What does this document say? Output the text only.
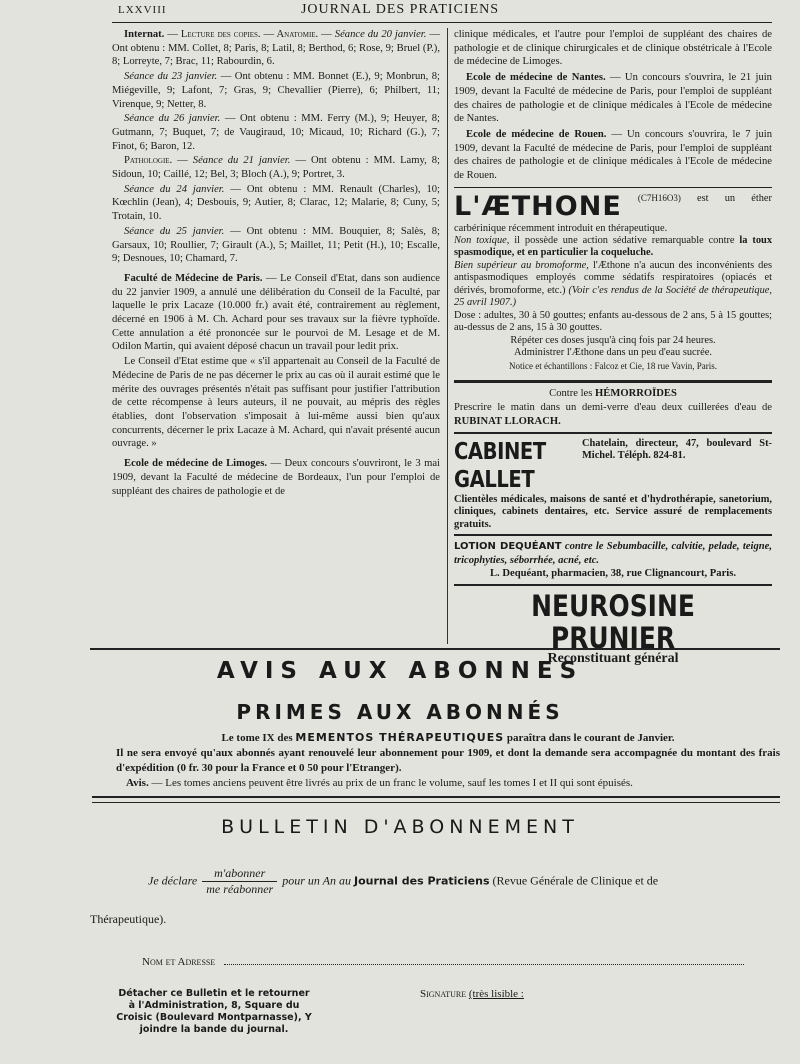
LXXVIII	JOURNAL DES PRATICIENS

Internat. — Lecture des copies. — Anatomie. — Séance du 20 janvier. — Ont obtenu : MM. Collet, 8; Paris, 8; Latil, 8; Berthod, 6; Rose, 9; Bruel (P.), 8; Lorreyte, 7; Brac, 11; Rabourdin, 6.

Séance du 23 janvier. — Ont obtenu : MM. Bonnet (E.), 9; Monbrun, 8; Miégeville, 9; Lafont, 7; Gras, 9; Chevallier (Pierre), 6; Philbert, 11; Virenque, 9; Netter, 8.

Séance du 26 janvier. — Ont obtenu : MM. Ferry (M.), 9; Heuyer, 8; Gutmann, 7; Buquet, 7; de Vaugiraud, 10; Micaud, 10; Richard (G.), 7; Finot, 6; Baron, 12.

Pathologie. — Séance du 21 janvier. — Ont obtenu : MM. Lamy, 8; Sidoun, 10; Caillé, 12; Bel, 3; Bloch (A.), 9; Portret, 3.

Séance du 24 janvier. — Ont obtenu : MM. Renault (Charles), 10; Kœchlin (Jean), 4; Desbouis, 9; Autier, 8; Clarac, 12; Malarie, 8; Cuny, 5; Trotain, 10.

Séance du 25 janvier. — Ont obtenu : MM. Bouquier, 8; Salès, 8; Garsaux, 10; Roullier, 7; Girault (A.), 5; Maillet, 11; Petit (H.), 10; Escalle, 9; Desnoues, 10; Chamard, 7.

Faculté de Médecine de Paris. — Le Conseil d'Etat, dans son audience du 22 janvier 1909, a annulé une délibération du Conseil de la Faculté, par laquelle le prix Lacaze (10.000 fr.) avait été, contrairement au règlement, décerné en 1906 à M. Ch. Achard pour ses travaux sur la fièvre typhoïde. Cette annulation a été prononcée sur le pourvoi de M. Lesage et de M. Odilon Martin, qui avaient déposé chacun un travail pour ledit prix.

Le Conseil d'Etat estime que « s'il appartenait au Conseil de la Faculté de Médecine de Paris de ne pas décerner le prix au cas où il aurait estimé que le mérite des ouvrages présentés n'était pas suffisant pour justifier l'attribution de cette récompense à leurs auteurs, il ne pouvait, au mépris des règles établies, dont l'observation s'imposait à lui-même aussi bien qu'aux concurrents, décerner le prix Lacaze à M. Achard, qui n'avait présenté aucun ouvrage. »

Ecole de médecine de Limoges. — Deux concours s'ouvriront, le 3 mai 1909, devant la Faculté de médecine de Bordeaux, l'un pour l'emploi de suppléant des chaires de pathologie et de

clinique médicales, et l'autre pour l'emploi de suppléant des chaires de pathologie et de clinique chirurgicales et de clinique obstétricale à l'Ecole de médecine de Limoges.

Ecole de médecine de Nantes. — Un concours s'ouvrira, le 21 juin 1909, devant la Faculté de médecine de Paris, pour l'emploi de suppléant des chaires de pathologie et de clinique médicales à l'Ecole de médecine de Nantes.

Ecole de médecine de Rouen. — Un concours s'ouvrira, le 7 juin 1909, devant la Faculté de médecine de Paris, pour l'emploi de suppléant des chaires de pathologie et de clinique médicales à l'Ecole de médecine de Rouen.

L'ÆTHONE (C7H16O3) est un éther carbérinique récemment introduit en thérapeutique.

Non toxique, il possède une action sédative remarquable contre la toux spasmodique, et en particulier la coqueluche.

Bien supérieur au bromoforme, l'Æthone n'a aucun des inconvénients des antispasmodiques employés comme sédatifs respiratoires (opiacés et dérivés, bromoforme, etc.) (Voir c'es rendus de la Société de thérapeutique, 25 avril 1907.)

Dose : adultes, 30 à 50 gouttes; enfants au-dessous de 2 ans, 5 à 15 gouttes; au-dessus de 2 ans, 15 à 30 gouttes.

Répéter ces doses jusqu'à cinq fois par 24 heures.

Administrer l'Æthone dans un peu d'eau sucrée.

Notice et échantillons : Falcoz et Cie, 18 rue Vavin, Paris.

Contre les HÉMORROÏDES

Prescrire le matin dans un demi-verre d'eau deux cuillerées d'eau de RUBINAT LLORACH.

CABINET GALLET
Chatelain, directeur, 47, boulevard St-Michel. Téléph. 824-81.

Clientèles médicales, maisons de santé et d'hydrothérapie, sanetorium, cliniques, cabinets dentaires, etc. Service assuré de remplacements gratuits.

LOTION DEQUÉANT contre le Sebumbacille, calvitie, pelade, teigne, tricophyties, séborrhée, acné, etc.

L. Dequéant, pharmacien, 38, rue Clignancourt, Paris.

NEUROSINE PRUNIER
Reconstituant général
AVIS AUX ABONNES
PRIMES AUX ABONNÉS

Le tome IX des MEMENTOS THÉRAPEUTIQUES paraîtra dans le courant de Janvier.

Il ne sera envoyé qu'aux abonnés ayant renouvelé leur abonnement pour 1909, et dont la demande sera accompagnée du montant des frais d'expédition (0 fr. 30 pour la France et 0 50 pour l'Etranger).

Avis. — Les tomes anciens peuvent être livrés au prix de un franc le volume, sauf les tomes I et II qui sont épuisés.

BULLETIN D'ABONNEMENT
Je déclare $\frac{\text{m'abonner}}{\text{me réabonner}}$ pour un An au Journal des Praticiens (Revue Générale de Clinique et de
Thérapeutique).
Nom et Adresse
Détacher ce Bulletin et le retourner à l'Administration, 8, Square du Croisic (Boulevard Montparnasse), Y joindre la bande du journal.
Signature (très lisible :
